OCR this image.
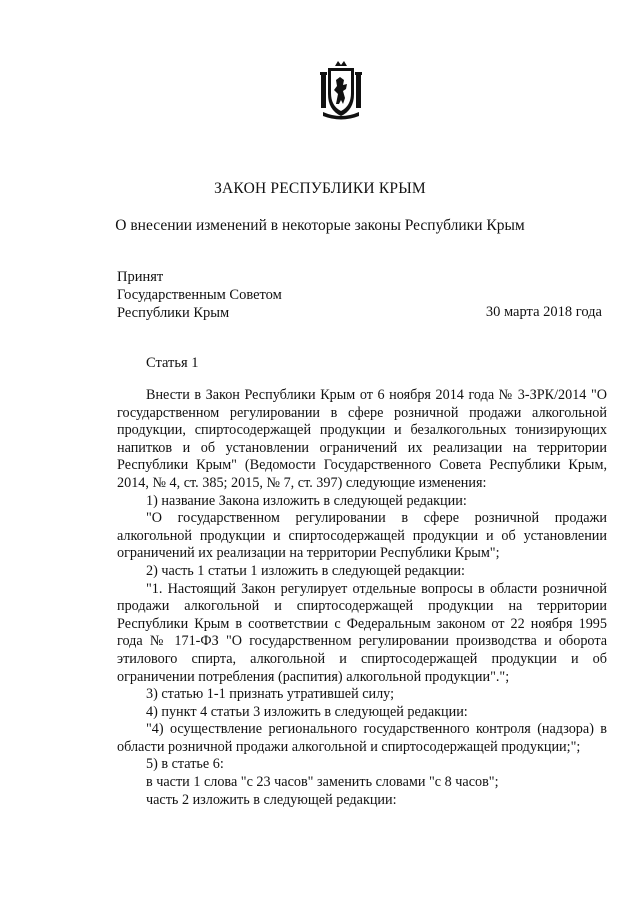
ЗАКОН РЕСПУБЛИКИ КРЫМ
О внесении изменений в некоторые законы Республики Крым
Принят
Государственным Советом
Республики Крым	30 марта 2018 года
Статья 1

Внести в Закон Республики Крым от 6 ноября 2014 года № 3-ЗРК/2014 "О государственном регулировании в сфере розничной продажи алкогольной продукции, спиртосодержащей продукции и безалкогольных тонизирующих напитков и об установлении ограничений их реализации на территории Республики Крым" (Ведомости Государственного Совета Республики Крым, 2014, № 4, ст. 385; 2015, № 7, ст. 397) следующие изменения:

1) название Закона изложить в следующей редакции:

"О государственном регулировании в сфере розничной продажи алкогольной продукции и спиртосодержащей продукции и об установлении ограничений их реализации на территории Республики Крым";

2) часть 1 статьи 1 изложить в следующей редакции:

"1. Настоящий Закон регулирует отдельные вопросы в области розничной продажи алкогольной и спиртосодержащей продукции на территории Республики Крым в соответствии с Федеральным законом от 22 ноября 1995 года № 171-ФЗ "О государственном регулировании производства и оборота этилового спирта, алкогольной и спиртосодержащей продукции и об ограничении потребления (распития) алкогольной продукции".";

3) статью 1-1 признать утратившей силу;

4) пункт 4 статьи 3 изложить в следующей редакции:

"4) осуществление регионального государственного контроля (надзора) в области розничной продажи алкогольной и спиртосодержащей продукции;";

5) в статье 6:

в части 1 слова "с 23 часов" заменить словами "с 8 часов";

часть 2 изложить в следующей редакции:
